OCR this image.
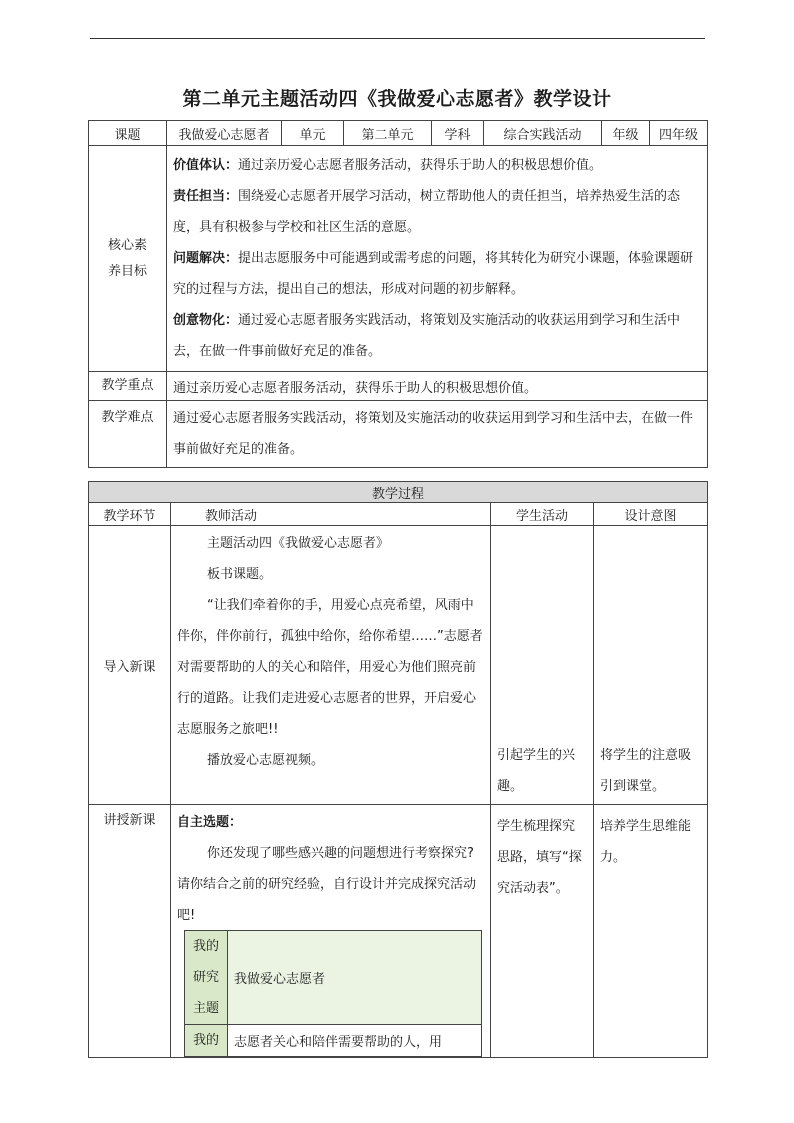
第二单元主题活动四《我做爱心志愿者》教学设计
课题	我做爱心志愿者	单元	第二单元	学科	综合实践活动	年级	四年级
核心素养目标	价值体认：通过亲历爱心志愿者服务活动，获得乐于助人的积极思想价值。

责任担当：围绕爱心志愿者开展学习活动，树立帮助他人的责任担当，培养热爱生活的态度，具有积极参与学校和社区生活的意愿。

问题解决：提出志愿服务中可能遇到或需考虑的问题，将其转化为研究小课题，体验课题研究的过程与方法，提出自己的想法，形成对问题的初步解释。

创意物化：通过爱心志愿者服务实践活动，将策划及实施活动的收获运用到学习和生活中去，在做一件事前做好充足的准备。						

教学重点	通过亲历爱心志愿者服务活动，获得乐于助人的积极思想价值。						
教学难点	通过爱心志愿者服务实践活动，将策划及实施活动的收获运用到学习和生活中去，在做一件事前做好充足的准备。						

教学过程			
教学环节	教师活动	学生活动	设计意图
导入新课	主题活动四《我做爱心志愿者》

板书课题。

“让我们牵着你的手，用爱心点亮希望，风雨中伴你，伴你前行，孤独中给你，给你希望……”志愿者对需要帮助的人的关心和陪伴，用爱心为他们照亮前行的道路。让我们走进爱心志愿者的世界，开启爱心志愿服务之旅吧!!

播放爱心志愿视频。	引起学生的兴趣。	将学生的注意吸引到课堂。

讲授新课	自主选题：

你还发现了哪些感兴趣的问题想进行考察探究?请你结合之前的研究经验，自行设计并完成探究活动吧!	学生梳理探究思路，填写“探究活动表”。	培养学生思维能力。

我的研究主题	我做爱心志愿者
我的	志愿者关心和陪伴需要帮助的人，用
